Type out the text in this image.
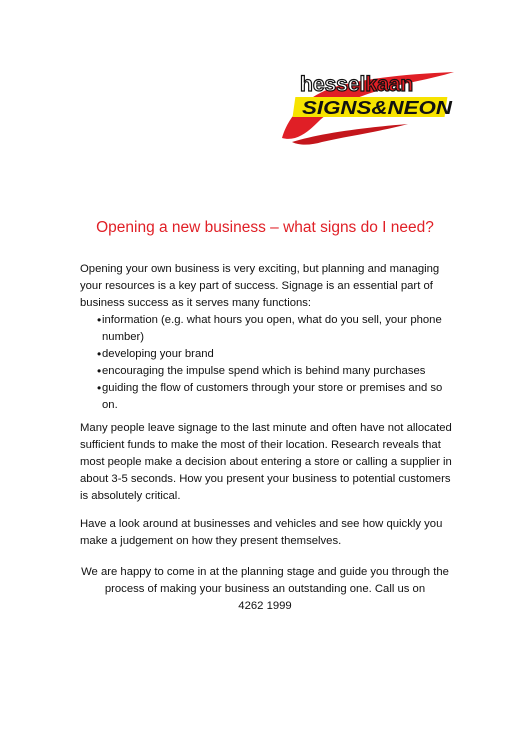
hesselkaan
SIGNS&NEON
Opening a new business – what signs do I need?

Opening your own business is very exciting, but planning and managing your resources is a key part of success. Signage is an essential part of business success as it serves many functions:

• information (e.g. what hours you open, what do you sell, your phone number)
• developing your brand
• encouraging the impulse spend which is behind many purchases
• guiding the flow of customers through your store or premises and so on.

Many people leave signage to the last minute and often have not allocated sufficient funds to make the most of their location. Research reveals that most people make a decision about entering a store or calling a supplier in about 3-5 seconds. How you present your business to potential customers is absolutely critical.

Have a look around at businesses and vehicles and see how quickly you make a judgement on how they present themselves.

We are happy to come in at the planning stage and guide you through the process of making your business an outstanding one. Call us on

4262 1999
